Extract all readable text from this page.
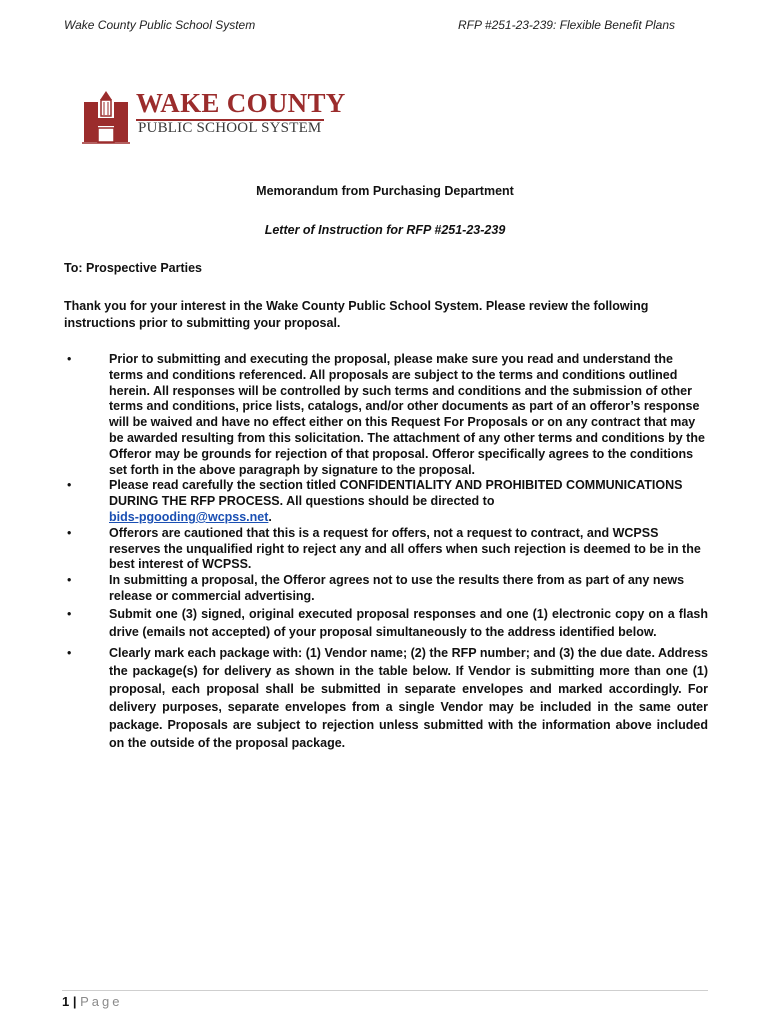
Wake County Public School System	RFP #251-23-239: Flexible Benefit Plans
WAKE COUNTY
PUBLIC SCHOOL SYSTEM
Memorandum from Purchasing Department
Letter of Instruction for RFP #251-23-239
To: Prospective Parties
Thank you for your interest in the Wake County Public School System. Please review the following instructions prior to submitting your proposal.
• Prior to submitting and executing the proposal, please make sure you read and understand the terms and conditions referenced. All proposals are subject to the terms and conditions outlined herein. All responses will be controlled by such terms and conditions and the submission of other terms and conditions, price lists, catalogs, and/or other documents as part of an offeror’s response will be waived and have no effect either on this Request For Proposals or on any contract that may be awarded resulting from this solicitation. The attachment of any other terms and conditions by the Offeror may be grounds for rejection of that proposal. Offeror specifically agrees to the conditions set forth in the above paragraph by signature to the proposal.
• Please read carefully the section titled CONFIDENTIALITY AND PROHIBITED COMMUNICATIONS DURING THE RFP PROCESS. All questions should be directed to
bids-pgooding@wcpss.net.
• Offerors are cautioned that this is a request for offers, not a request to contract, and WCPSS reserves the unqualified right to reject any and all offers when such rejection is deemed to be in the best interest of WCPSS.
• In submitting a proposal, the Offeror agrees not to use the results there from as part of any news release or commercial advertising.
• Submit one (3) signed, original executed proposal responses and one (1) electronic copy on a flash drive (emails not accepted) of your proposal simultaneously to the address identified below.
• Clearly mark each package with: (1) Vendor name; (2) the RFP number; and (3) the due date. Address the package(s) for delivery as shown in the table below. If Vendor is submitting more than one (1) proposal, each proposal shall be submitted in separate envelopes and marked accordingly. For delivery purposes, separate envelopes from a single Vendor may be included in the same outer package. Proposals are subject to rejection unless submitted with the information above included on the outside of the proposal package.
1 | Page
